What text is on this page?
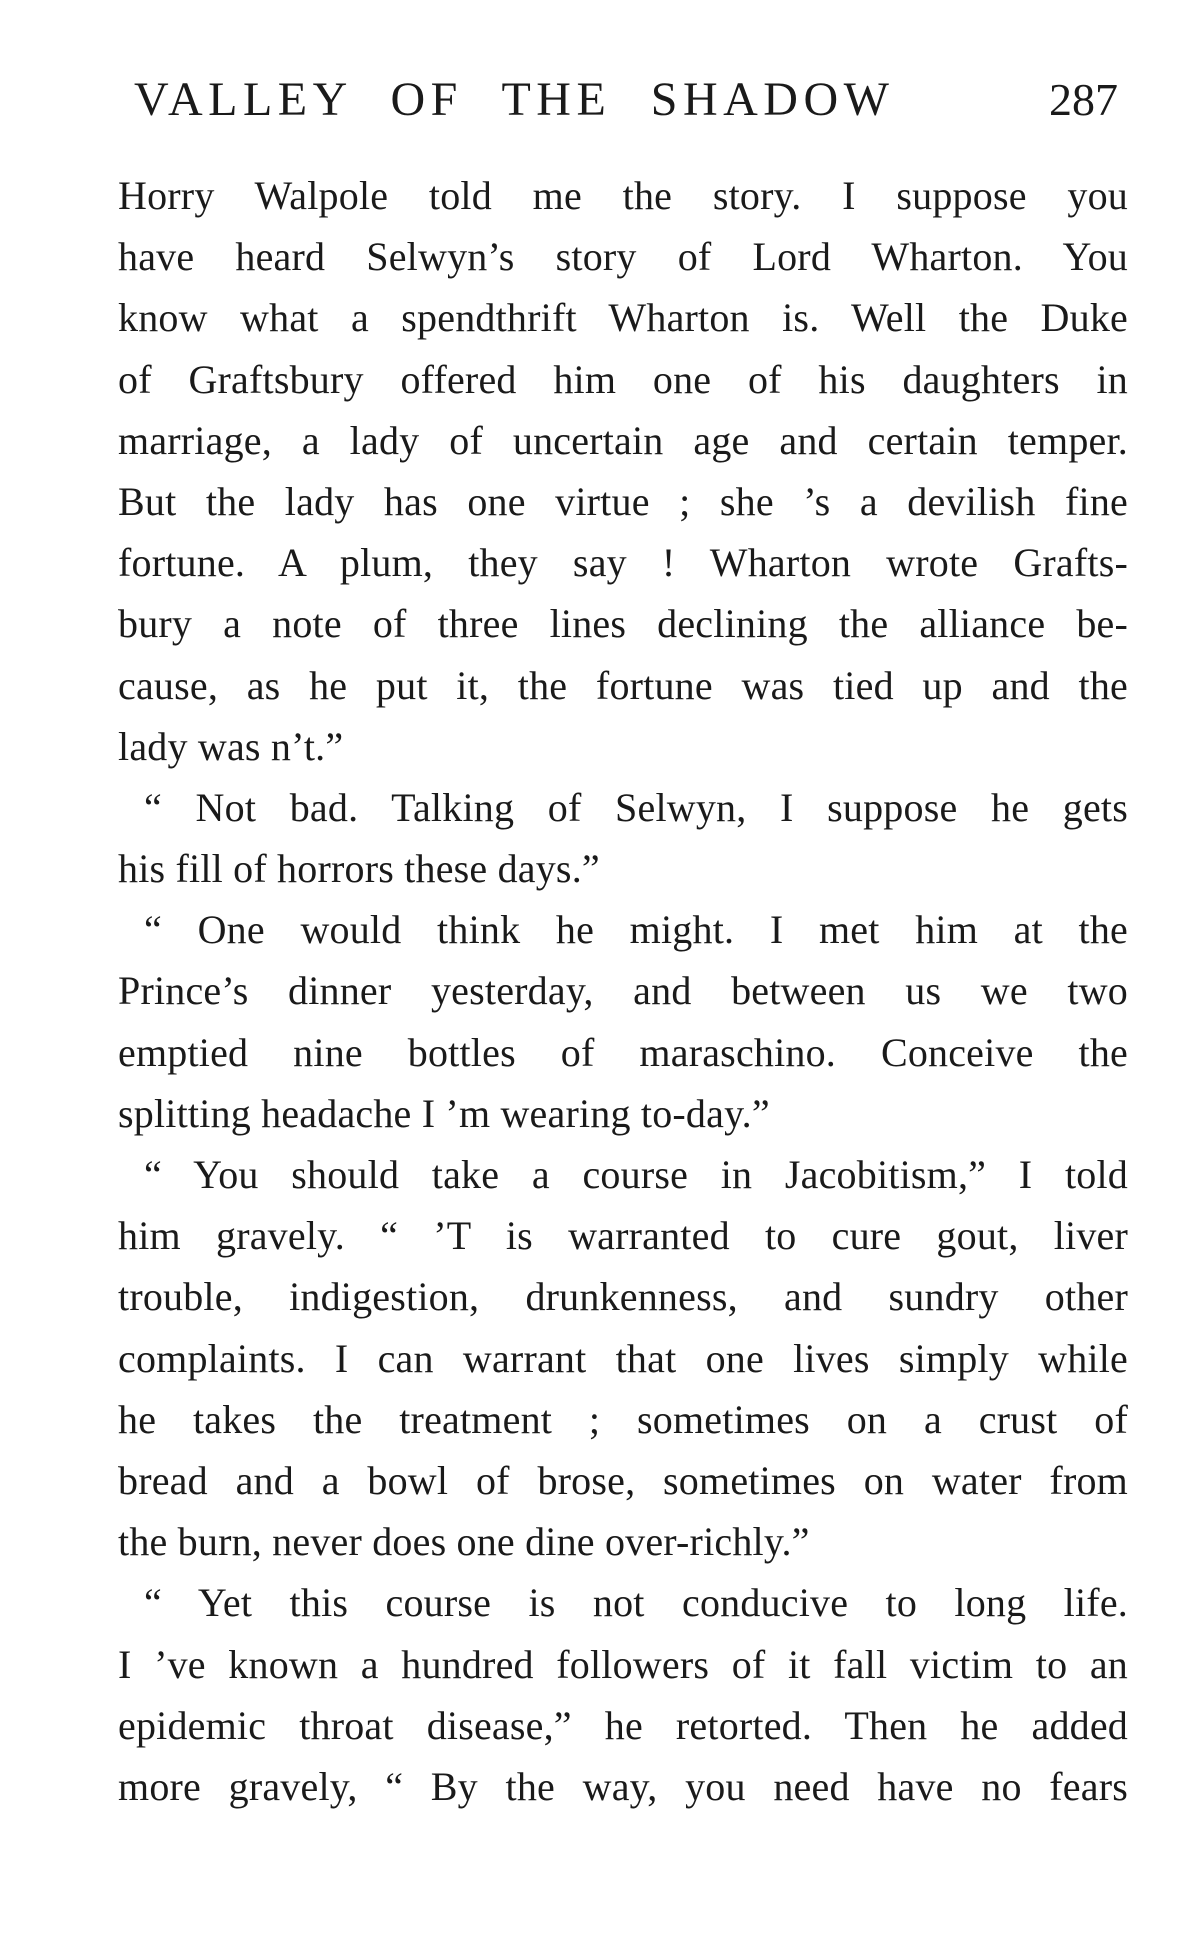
VALLEY OF THE SHADOW	287
Horry Walpole told me the story. I suppose you
have heard Selwyn’s story of Lord Wharton. You
know what a spendthrift Wharton is. Well the Duke
of Graftsbury offered him one of his daughters in
marriage, a lady of uncertain age and certain temper.
But the lady has one virtue ; she ’s a devilish fine
fortune. A plum, they say ! Wharton wrote Grafts-
bury a note of three lines declining the alliance be-
cause, as he put it, the fortune was tied up and the
lady was n’t.”
“ Not bad. Talking of Selwyn, I suppose he gets
his fill of horrors these days.”
“ One would think he might. I met him at the
Prince’s dinner yesterday, and between us we two
emptied nine bottles of maraschino. Conceive the
splitting headache I ’m wearing to-day.”
“ You should take a course in Jacobitism,” I told
him gravely. “ ’T is warranted to cure gout, liver
trouble, indigestion, drunkenness, and sundry other
complaints. I can warrant that one lives simply while
he takes the treatment ; sometimes on a crust of
bread and a bowl of brose, sometimes on water from
the burn, never does one dine over-richly.”
“ Yet this course is not conducive to long life.
I ’ve known a hundred followers of it fall victim to an
epidemic throat disease,” he retorted. Then he added
more gravely, “ By the way, you need have no fears
